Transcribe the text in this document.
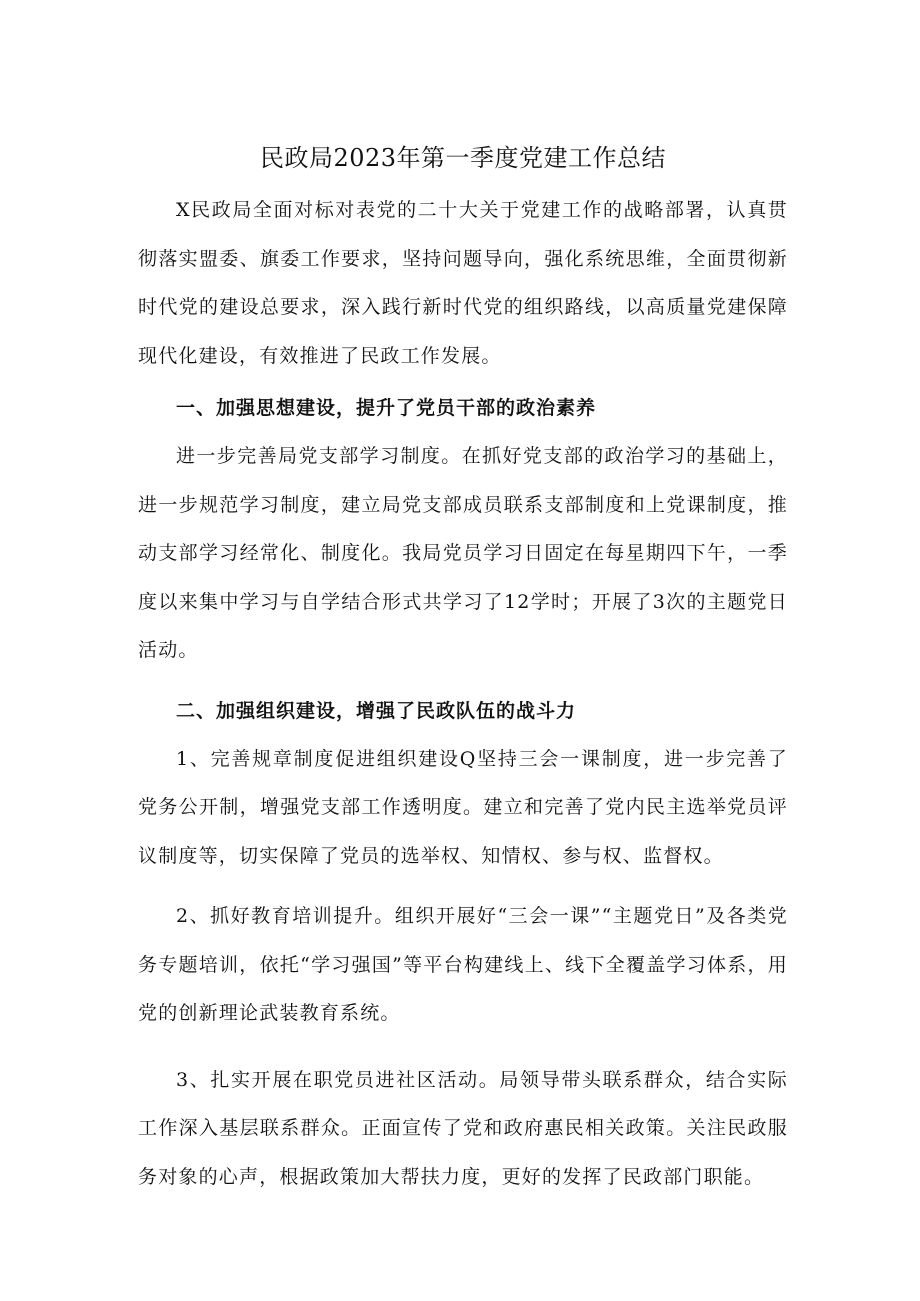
民政局2023年第一季度党建工作总结

X民政局全面对标对表党的二十大关于党建工作的战略部署，认真贯彻落实盟委、旗委工作要求，坚持问题导向，强化系统思维，全面贯彻新时代党的建设总要求，深入践行新时代党的组织路线，以高质量党建保障现代化建设，有效推进了民政工作发展。

一、加强思想建设，提升了党员干部的政治素养

进一步完善局党支部学习制度。在抓好党支部的政治学习的基础上，进一步规范学习制度，建立局党支部成员联系支部制度和上党课制度，推动支部学习经常化、制度化。我局党员学习日固定在每星期四下午，一季度以来集中学习与自学结合形式共学习了12学时；开展了3次的主题党日活动。

二、加强组织建设，增强了民政队伍的战斗力

1、完善规章制度促进组织建设Q坚持三会一课制度，进一步完善了党务公开制，增强党支部工作透明度。建立和完善了党内民主选举党员评议制度等，切实保障了党员的选举权、知情权、参与权、监督权。

2、抓好教育培训提升。组织开展好“三会一课”“主题党日”及各类党务专题培训，依托“学习强国”等平台构建线上、线下全覆盖学习体系，用党的创新理论武装教育系统。

3、扎实开展在职党员进社区活动。局领导带头联系群众，结合实际工作深入基层联系群众。正面宣传了党和政府惠民相关政策。关注民政服务对象的心声，根据政策加大帮扶力度，更好的发挥了民政部门职能。
